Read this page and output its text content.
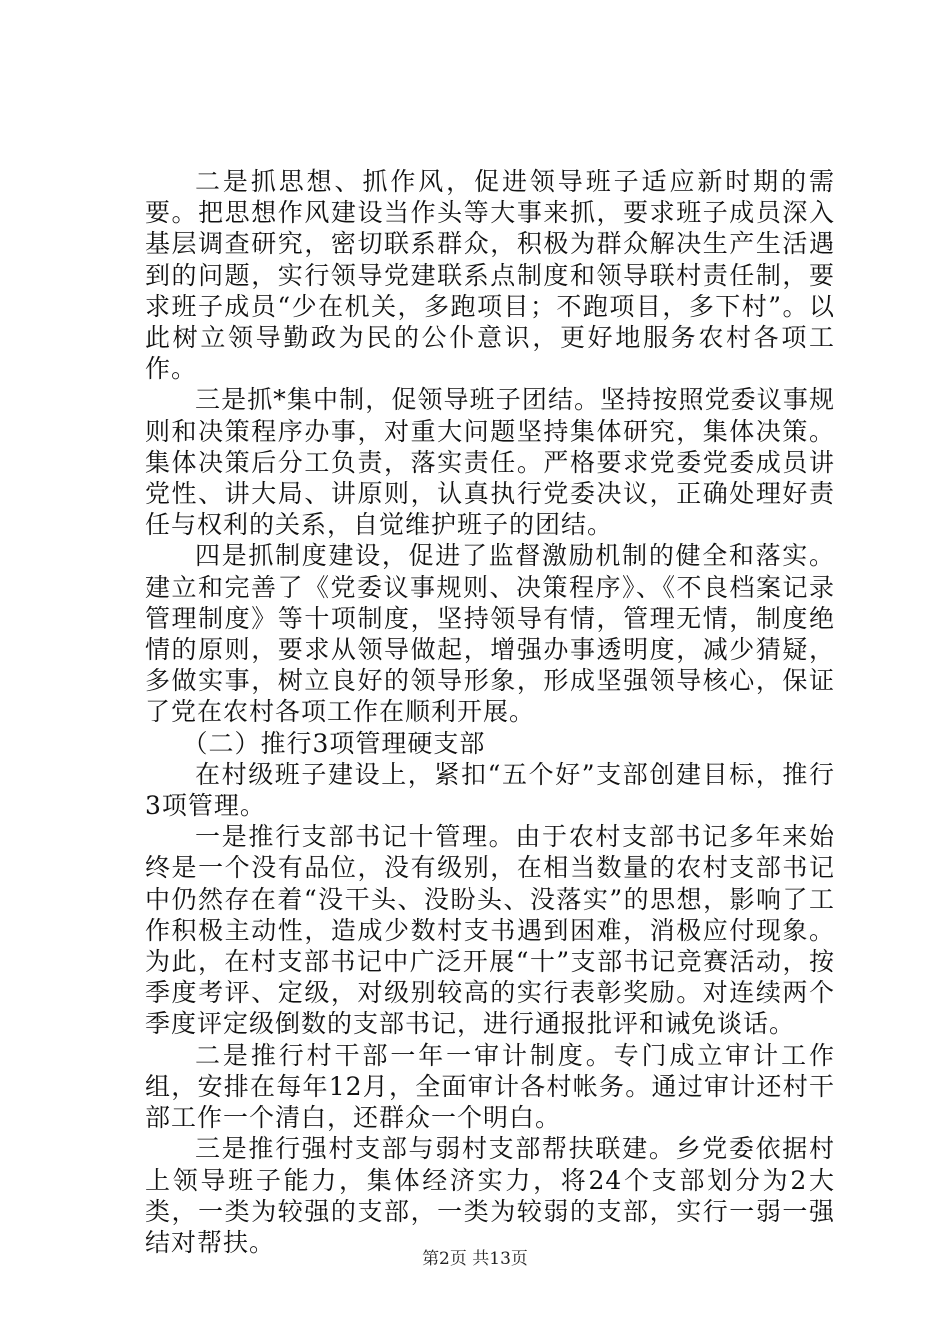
二是抓思想、抓作风，促进领导班子适应新时期的需要。把思想作风建设当作头等大事来抓，要求班子成员深入基层调查研究，密切联系群众，积极为群众解决生产生活遇到的问题，实行领导党建联系点制度和领导联村责任制，要求班子成员“少在机关，多跑项目；不跑项目，多下村”。以此树立领导勤政为民的公仆意识，更好地服务农村各项工作。

三是抓*集中制，促领导班子团结。坚持按照党委议事规则和决策程序办事，对重大问题坚持集体研究，集体决策。集体决策后分工负责，落实责任。严格要求党委党委成员讲党性、讲大局、讲原则，认真执行党委决议，正确处理好责任与权利的关系，自觉维护班子的团结。

四是抓制度建设，促进了监督激励机制的健全和落实。建立和完善了《党委议事规则、决策程序》、《不良档案记录管理制度》等十项制度，坚持领导有情，管理无情，制度绝情的原则，要求从领导做起，增强办事透明度，减少猜疑，多做实事，树立良好的领导形象，形成坚强领导核心，保证了党在农村各项工作在顺利开展。

（二）推行3项管理硬支部

在村级班子建设上，紧扣“五个好”支部创建目标，推行3项管理。

一是推行支部书记十管理。由于农村支部书记多年来始终是一个没有品位，没有级别，在相当数量的农村支部书记中仍然存在着“没干头、没盼头、没落实”的思想，影响了工作积极主动性，造成少数村支书遇到困难，消极应付现象。为此，在村支部书记中广泛开展“十”支部书记竞赛活动，按季度考评、定级，对级别较高的实行表彰奖励。对连续两个季度评定级倒数的支部书记，进行通报批评和诫免谈话。

二是推行村干部一年一审计制度。专门成立审计工作组，安排在每年12月，全面审计各村帐务。通过审计还村干部工作一个清白，还群众一个明白。

三是推行强村支部与弱村支部帮扶联建。乡党委依据村上领导班子能力，集体经济实力，将24个支部划分为2大类，一类为较强的支部，一类为较弱的支部，实行一弱一强结对帮扶。

第2页 共13页
